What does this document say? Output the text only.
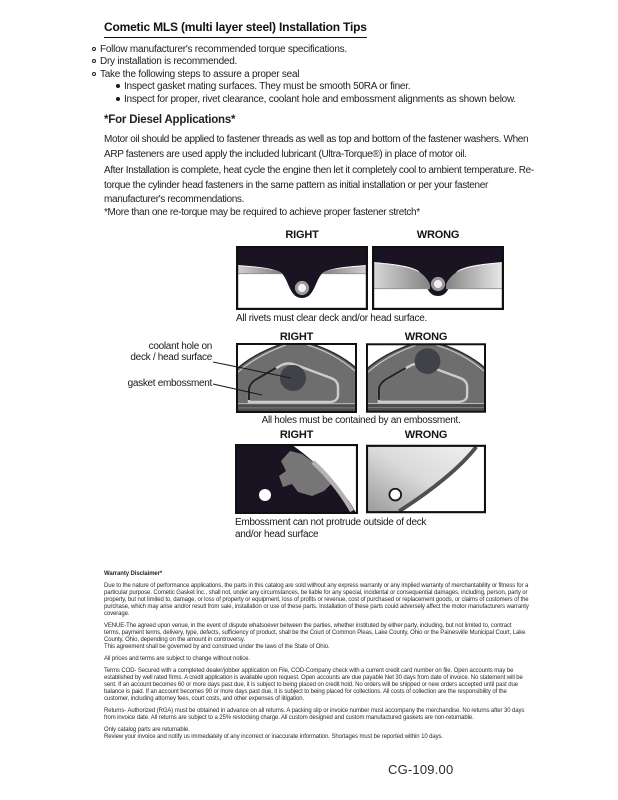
Cometic MLS (multi layer steel) Installation Tips
Follow manufacturer's recommended torque specifications.
Dry installation is recommended.
Take the following steps to assure a proper seal
Inspect gasket mating surfaces. They must be smooth 50RA or finer.
Inspect for proper, rivet clearance, coolant hole and embossment alignments as shown below.
*For Diesel Applications*
Motor oil should be applied to fastener threads as well as top and bottom of the fastener washers. When ARP fasteners are used apply the included lubricant (Ultra-Torque®) in place of motor oil.
After Installation is complete, heat cycle the engine then let it completely cool to ambient temperature. Re-torque the cylinder head fasteners in the same pattern as initial installation or per your fastener manufacturer's recommendations.
*More than one re-torque may be required to achieve proper fastener stretch*
RIGHT	WRONG
All rivets must clear deck and/or head surface.
RIGHT	WRONG
coolant hole on
deck / head surface
gasket embossment
All holes must be contained by an embossment.
RIGHT	WRONG
Embossment can not protrude outside of deck and/or head surface
Warranty Disclaimer*
Due to the nature of performance applications, the parts in this catalog are sold without any express warranty or any implied warranty of merchantability or fitness for a particular purpose. Cometic Gasket Inc., shall not, under any circumstances, be liable for any special, incidental or consequential damages, including, person, party or property, but not limited to, damage, or loss of property or equipment, loss of profits or revenue, cost of purchased or replacement goods, or claims of customers of the purchase, which may arise and/or result from sale, installation or use of these parts. Installation of these parts could adversely affect the motor manufacturers warranty coverage.
VENUE-The agreed upon venue, in the event of dispute whatsoever between the parties, whether instituted by either party, including, but not limited to, contract terms, payment terms, delivery, type, defects, sufficiency of product, shall be the Court of Common Pleas, Lake County, Ohio or the Painesville Municipal Court, Lake County, Ohio, depending on the amount in controversy.
This agreement shall be governed by and construed under the laws of the State of Ohio.
All prices and terms are subject to change without notice.
Terms COD- Secured with a completed dealer/jobber application on File, COD-Company check with a current credit card number on file. Open accounts may be established by well rated firms. A credit application is available upon request. Open accounts are due payable Net 30 days from date of invoice. No statement will be sent. If an account becomes 60 or more days past due, it is subject to being placed on credit hold. No orders will be shipped or new orders accepted until past due balance is paid. If an account becomes 90 or more days past due, it is subject to being placed for collections. All costs of collection are the responsibility of the customer, including attorney fees, court costs, and other expenses of litigation.
Returns- Authorized (RGA) must be obtained in advance on all returns. A packing slip or invoice number must accompany the merchandise. No returns after 30 days from invoice date. All returns are subject to a 25% restocking charge. All custom designed and custom manufactured gaskets are non-returnable.
Only catalog parts are returnable.
Review your invoice and notify us immediately of any incorrect or inaccurate information. Shortages must be reported within 10 days.
CG-109.00
